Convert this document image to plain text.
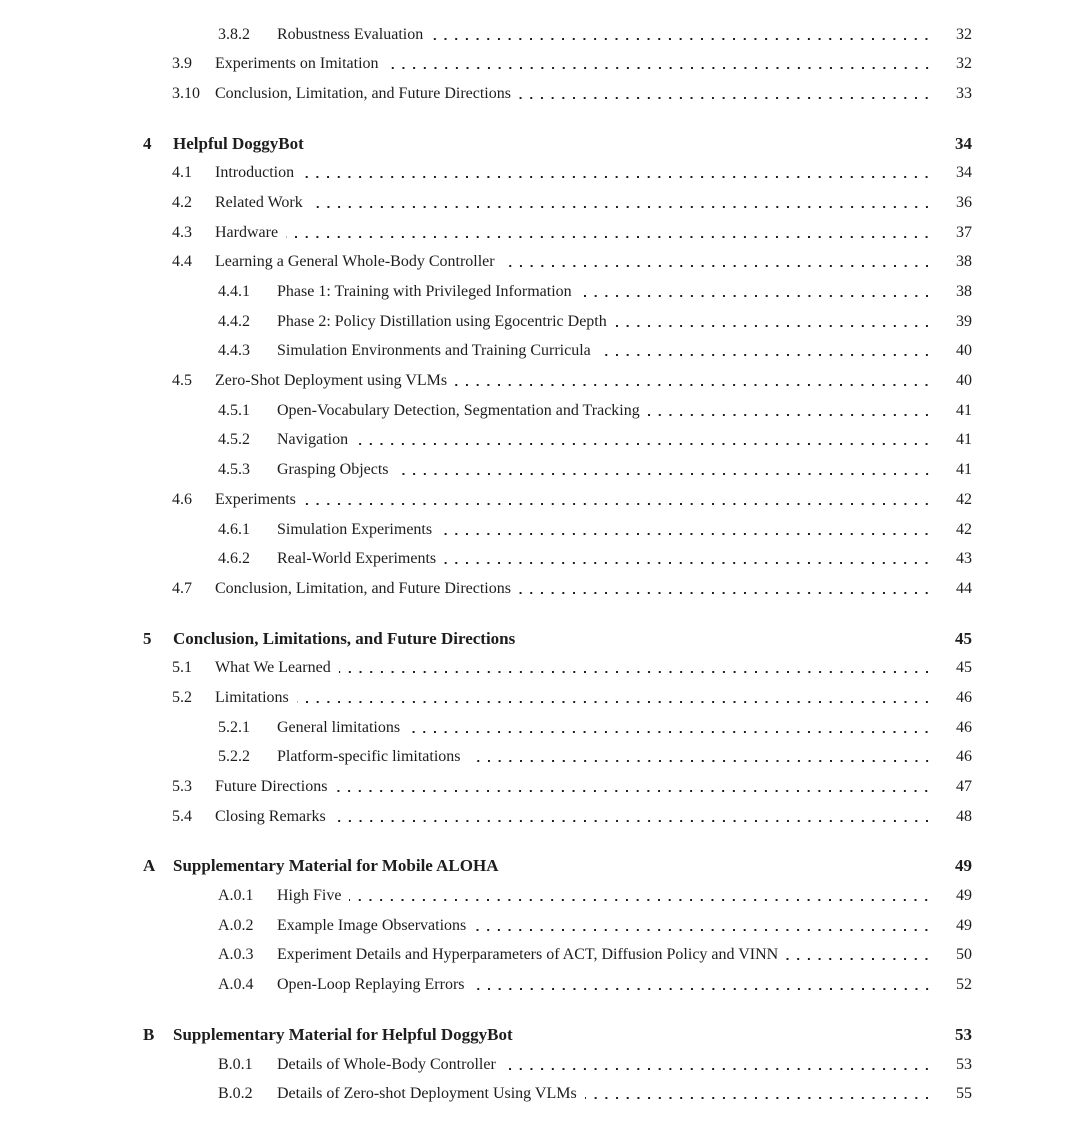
3.8.2	Robustness Evaluation	32
3.9	Experiments on Imitation	32
3.10 Conclusion, Limitation, and Future Directions	33
4	Helpful DoggyBot	34
4.1	Introduction	34
4.2	Related Work	36
4.3	Hardware	37
4.4	Learning a General Whole-Body Controller	38
4.4.1	Phase 1: Training with Privileged Information	38
4.4.2	Phase 2: Policy Distillation using Egocentric Depth	39
4.4.3	Simulation Environments and Training Curricula	40
4.5	Zero-Shot Deployment using VLMs	40
4.5.1	Open-Vocabulary Detection, Segmentation and Tracking	41
4.5.2	Navigation	41
4.5.3	Grasping Objects	41
4.6	Experiments	42
4.6.1	Simulation Experiments	42
4.6.2	Real-World Experiments	43
4.7	Conclusion, Limitation, and Future Directions	44
5	Conclusion, Limitations, and Future Directions	45
5.1	What We Learned	45
5.2	Limitations	46
5.2.1	General limitations	46
5.2.2	Platform-specific limitations	46
5.3	Future Directions	47
5.4	Closing Remarks	48
A	Supplementary Material for Mobile ALOHA	49
A.0.1	High Five	49
A.0.2	Example Image Observations	49
A.0.3	Experiment Details and Hyperparameters of ACT, Diffusion Policy and VINN	50
A.0.4	Open-Loop Replaying Errors	52
B	Supplementary Material for Helpful DoggyBot	53
B.0.1	Details of Whole-Body Controller	53
B.0.2	Details of Zero-shot Deployment Using VLMs	55
